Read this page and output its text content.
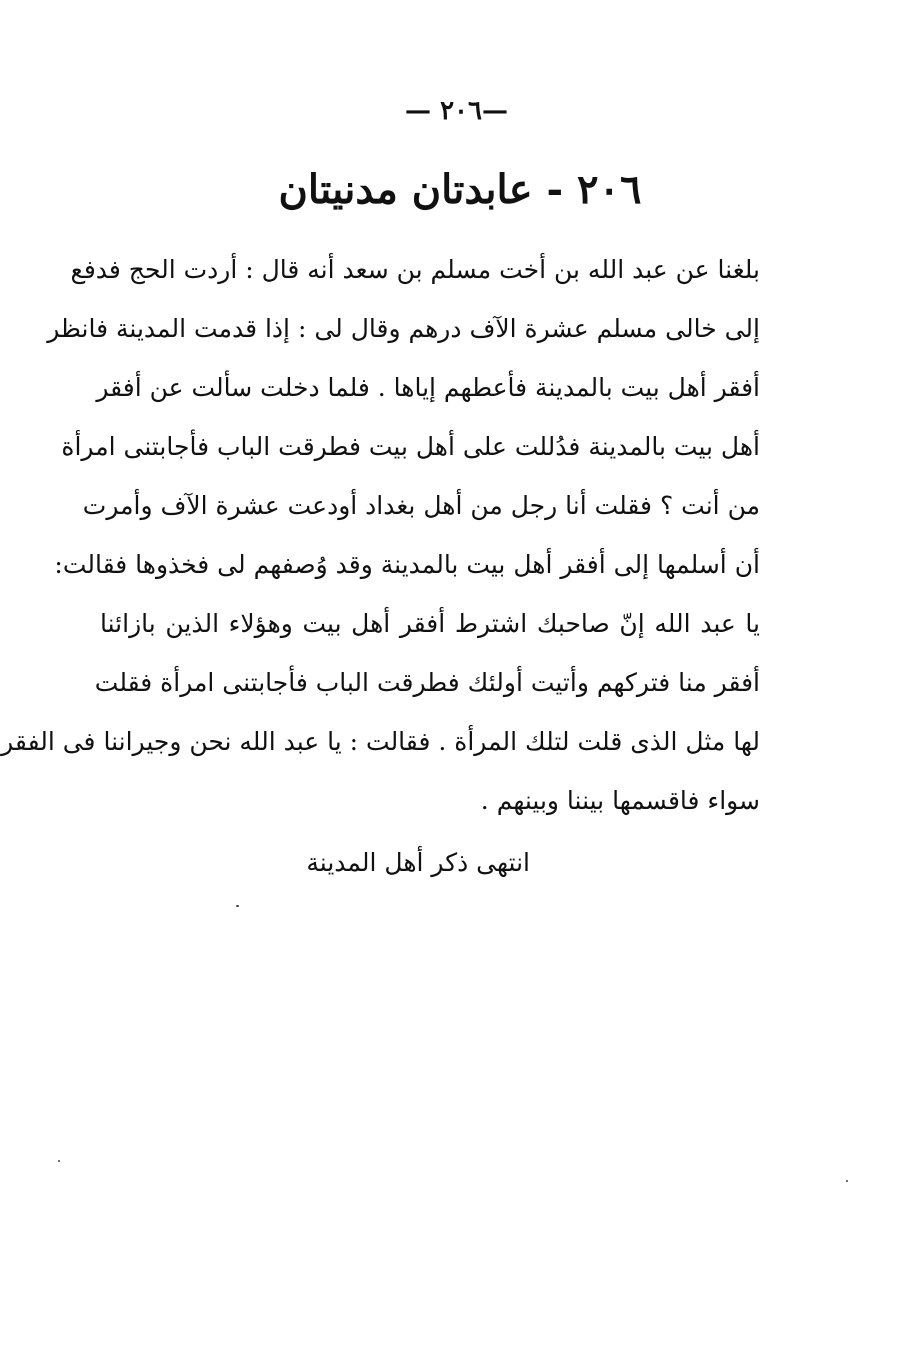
—٢٠٦ —
٢٠٦ - عابدتان مدنيتان
بلغنا عن عبد الله بن أخت مسلم بن سعد أنه قال : أردت الحج فدفع
إلى خالى مسلم عشرة الآف درهم وقال لى : إذا قدمت المدينة فانظر
أفقر أهل بيت بالمدينة فأعطهم إياها . فلما دخلت سألت عن أفقر
أهل بيت بالمدينة فدُللت على أهل بيت فطرقت الباب فأجابتنى امرأة
من أنت ؟ فقلت أنا رجل من أهل بغداد أودعت عشرة الآف وأمرت
أن أسلمها إلى أفقر أهل بيت بالمدينة وقد وُصفهم لى فخذوها فقالت:
يا عبد الله إنّ صاحبك اشترط أفقر أهل بيت وهؤلاء الذين بازائنا
أفقر منا فتركهم وأتيت أولئك فطرقت الباب فأجابتنى امرأة فقلت
لها مثل الذى قلت لتلك المرأة . فقالت : يا عبد الله نحن وجيراننا فى الفقر
سواء فاقسمها بيننا وبينهم .
انتهى ذكر أهل المدينة
